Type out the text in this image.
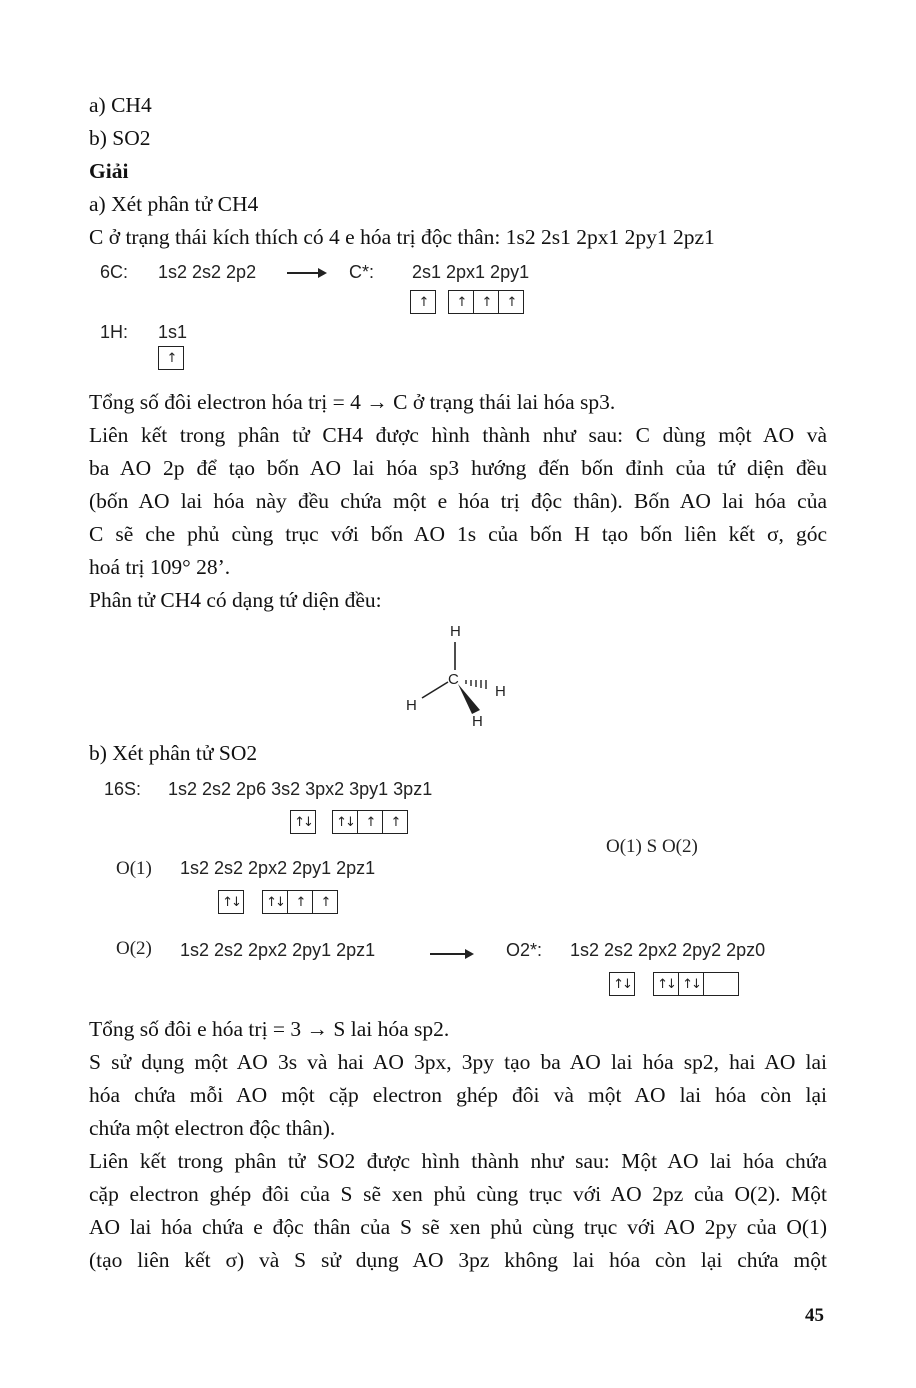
a) CH4
b) SO2
Giải
a) Xét phân tử CH4
C ở trạng thái kích thích có 4 e hóa trị độc thân: 1s2 2s1 2px1 2py1 2pz1
6C: 1s2 2s2 2p2	C*: 2s1 2px1 2py1
↑	↑	↑	↑
1H: 1s1
↑
Tổng số đôi electron hóa trị = 4 → C ở trạng thái lai hóa sp3.
Liên kết trong phân tử CH4 được hình thành như sau: C dùng một AO và
ba AO 2p để tạo bốn AO lai hóa sp3 hướng đến bốn đỉnh của tứ diện đều
(bốn AO lai hóa này đều chứa một e hóa trị độc thân). Bốn AO lai hóa của
C sẽ che phủ cùng trục với bốn AO 1s của bốn H tạo bốn liên kết σ, góc
hoá trị 109° 28’.
Phân tử CH4 có dạng tứ diện đều:
H
C
H
H
H
b) Xét phân tử SO2
16S: 1s2 2s2 2p6 3s2 3px2 3py1 3pz1
↑↓ ↑↓ ↑	↑
O(1) S O(2)
O(1) 1s2 2s2 2px2 2py1 2pz1
↑↓ ↑↓ ↑	↑
O(2) 1s2 2s2 2px2 2py1 2pz1	O2*: 1s2 2s2 2px2 2py2 2pz0
↑↓ ↑↓ ↑↓
Tổng số đôi e hóa trị = 3 → S lai hóa sp2.
S sử dụng một AO 3s và hai AO 3px, 3py tạo ba AO lai hóa sp2, hai AO lai
hóa chứa mỗi AO một cặp electron ghép đôi và một AO lai hóa còn lại
chứa một electron độc thân).
Liên kết trong phân tử SO2 được hình thành như sau: Một AO lai hóa chứa
cặp electron ghép đôi của S sẽ xen phủ cùng trục với AO 2pz của O(2). Một
AO lai hóa chứa e độc thân của S sẽ xen phủ cùng trục với AO 2py của O(1)
(tạo liên kết σ) và S sử dụng AO 3pz không lai hóa còn lại chứa một
45
